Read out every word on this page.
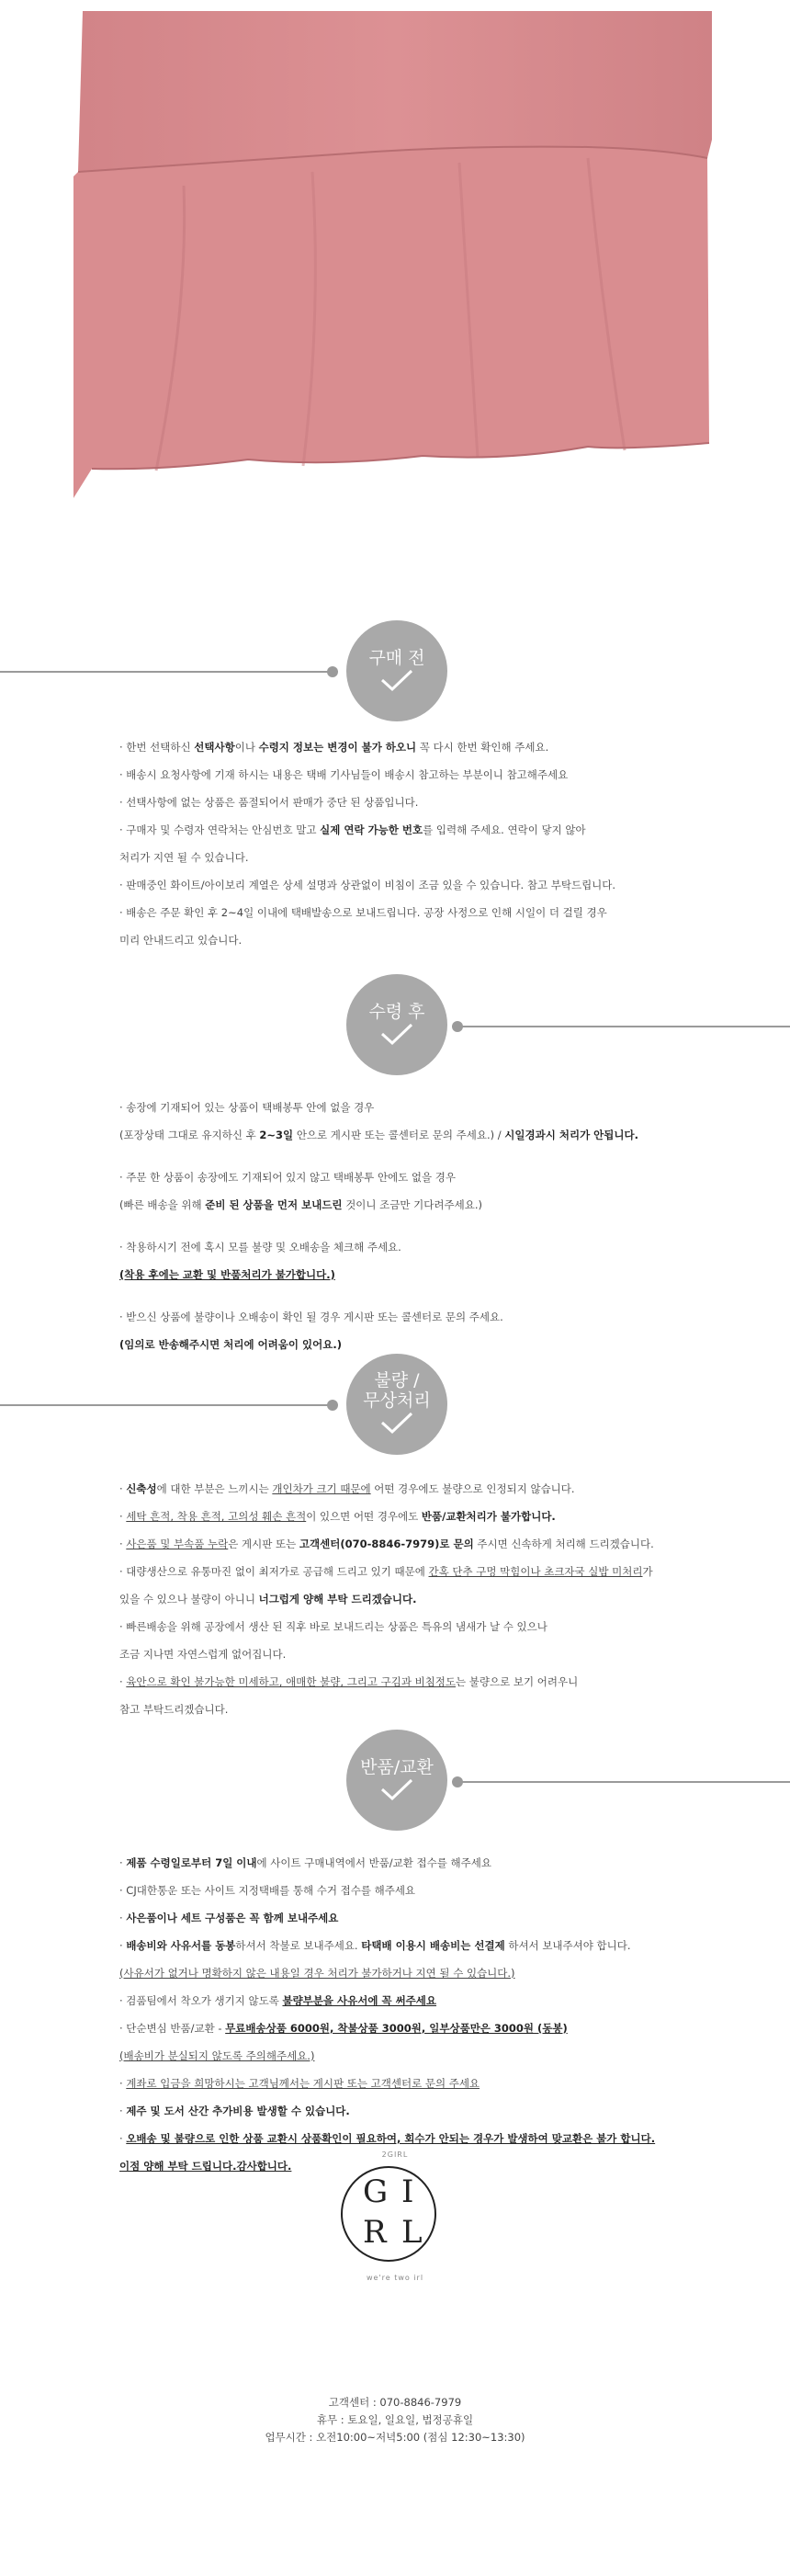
구매 전
· 한번 선택하신 선택사항이나 수령지 정보는 변경이 불가 하오니 꼭 다시 한번 확인해 주세요.
· 배송시 요청사항에 기재 하시는 내용은 택배 기사님들이 배송시 참고하는 부분이니 참고해주세요
· 선택사항에 없는 상품은 품절되어서 판매가 중단 된 상품입니다.
· 구매자 및 수령자 연락처는 안심번호 말고 실제 연락 가능한 번호를 입력해 주세요. 연락이 닿지 않아
처리가 지연 될 수 있습니다.
· 판매중인 화이트/아이보리 계열은 상세 설명과 상관없이 비침이 조금 있을 수 있습니다. 참고 부탁드립니다.
· 배송은 주문 확인 후 2~4일 이내에 택배발송으로 보내드립니다. 공장 사정으로 인해 시일이 더 걸릴 경우
미리 안내드리고 있습니다.
수령 후
· 송장에 기재되어 있는 상품이 택배봉투 안에 없을 경우
(포장상태 그대로 유지하신 후 2~3일 안으로 게시판 또는 콜센터로 문의 주세요.) / 시일경과시 처리가 안됩니다.
· 주문 한 상품이 송장에도 기재되어 있지 않고 택배봉투 안에도 없을 경우
(빠른 배송을 위해 준비 된 상품을 먼저 보내드린 것이니 조금만 기다려주세요.)
· 착용하시기 전에 혹시 모를 불량 및 오배송을 체크해 주세요.
(착용 후에는 교환 및 반품처리가 불가합니다.)
· 받으신 상품에 불량이나 오배송이 확인 될 경우 게시판 또는 콜센터로 문의 주세요.
(임의로 반송해주시면 처리에 어려움이 있어요.)
불량 /
무상처리
· 신축성에 대한 부분은 느끼시는 개인차가 크기 때문에 어떤 경우에도 불량으로 인정되지 않습니다.
· 세탁 흔적, 착용 흔적, 고의성 훼손 흔적이 있으면 어떤 경우에도 반품/교환처리가 불가합니다.
· 사은품 및 부속품 누락은 게시판 또는 고객센터(070-8846-7979)로 문의 주시면 신속하게 처리해 드리겠습니다.
· 대량생산으로 유통마진 없이 최저가로 공급해 드리고 있기 때문에 간혹 단추 구멍 막힘이나 초크자국 실밥 미처리가
있을 수 있으나 불량이 아니니 너그럽게 양해 부탁 드리겠습니다.
· 빠른배송을 위해 공장에서 생산 된 직후 바로 보내드리는 상품은 특유의 냄새가 날 수 있으나
조금 지나면 자연스럽게 없어집니다.
· 육안으로 확인 불가능한 미세하고, 애매한 불량, 그리고 구김과 비침정도는 불량으로 보기 어려우니
참고 부탁드리겠습니다.
반품/교환
· 제품 수령일로부터 7일 이내에 사이트 구매내역에서 반품/교환 접수를 해주세요
· CJ대한통운 또는 사이트 지정택배를 통해 수거 접수를 해주세요
· 사은품이나 세트 구성품은 꼭 함께 보내주세요
· 배송비와 사유서를 동봉하셔서 착불로 보내주세요. 타택배 이용시 배송비는 선결제 하셔서 보내주셔야 합니다.
(사유서가 없거나 명확하지 않은 내용일 경우 처리가 불가하거나 지연 될 수 있습니다.)
· 검품팀에서 착오가 생기지 않도록 불량부분을 사유서에 꼭 써주세요
· 단순변심 반품/교환 - 무료배송상품 6000원, 착불상품 3000원, 일부상품만은 3000원 (동봉)
(배송비가 분실되지 않도록 주의해주세요.)
· 계좌로 입금을 희망하시는 고객님께서는 게시판 또는 고객센터로 문의 주세요
· 제주 및 도서 산간 추가비용 발생할 수 있습니다.
· 오배송 및 불량으로 인한 상품 교환시 상품확인이 필요하여, 회수가 안되는 경우가 발생하여 맞교환은 불가 합니다.
이점 양해 부탁 드립니다.감사합니다.
2GIRL
G I
R L
we're two irl
고객센터 : 070-8846-7979
휴무 : 토요일, 일요일, 법정공휴일
업무시간 : 오전10:00~저녁5:00 (점심 12:30~13:30)
